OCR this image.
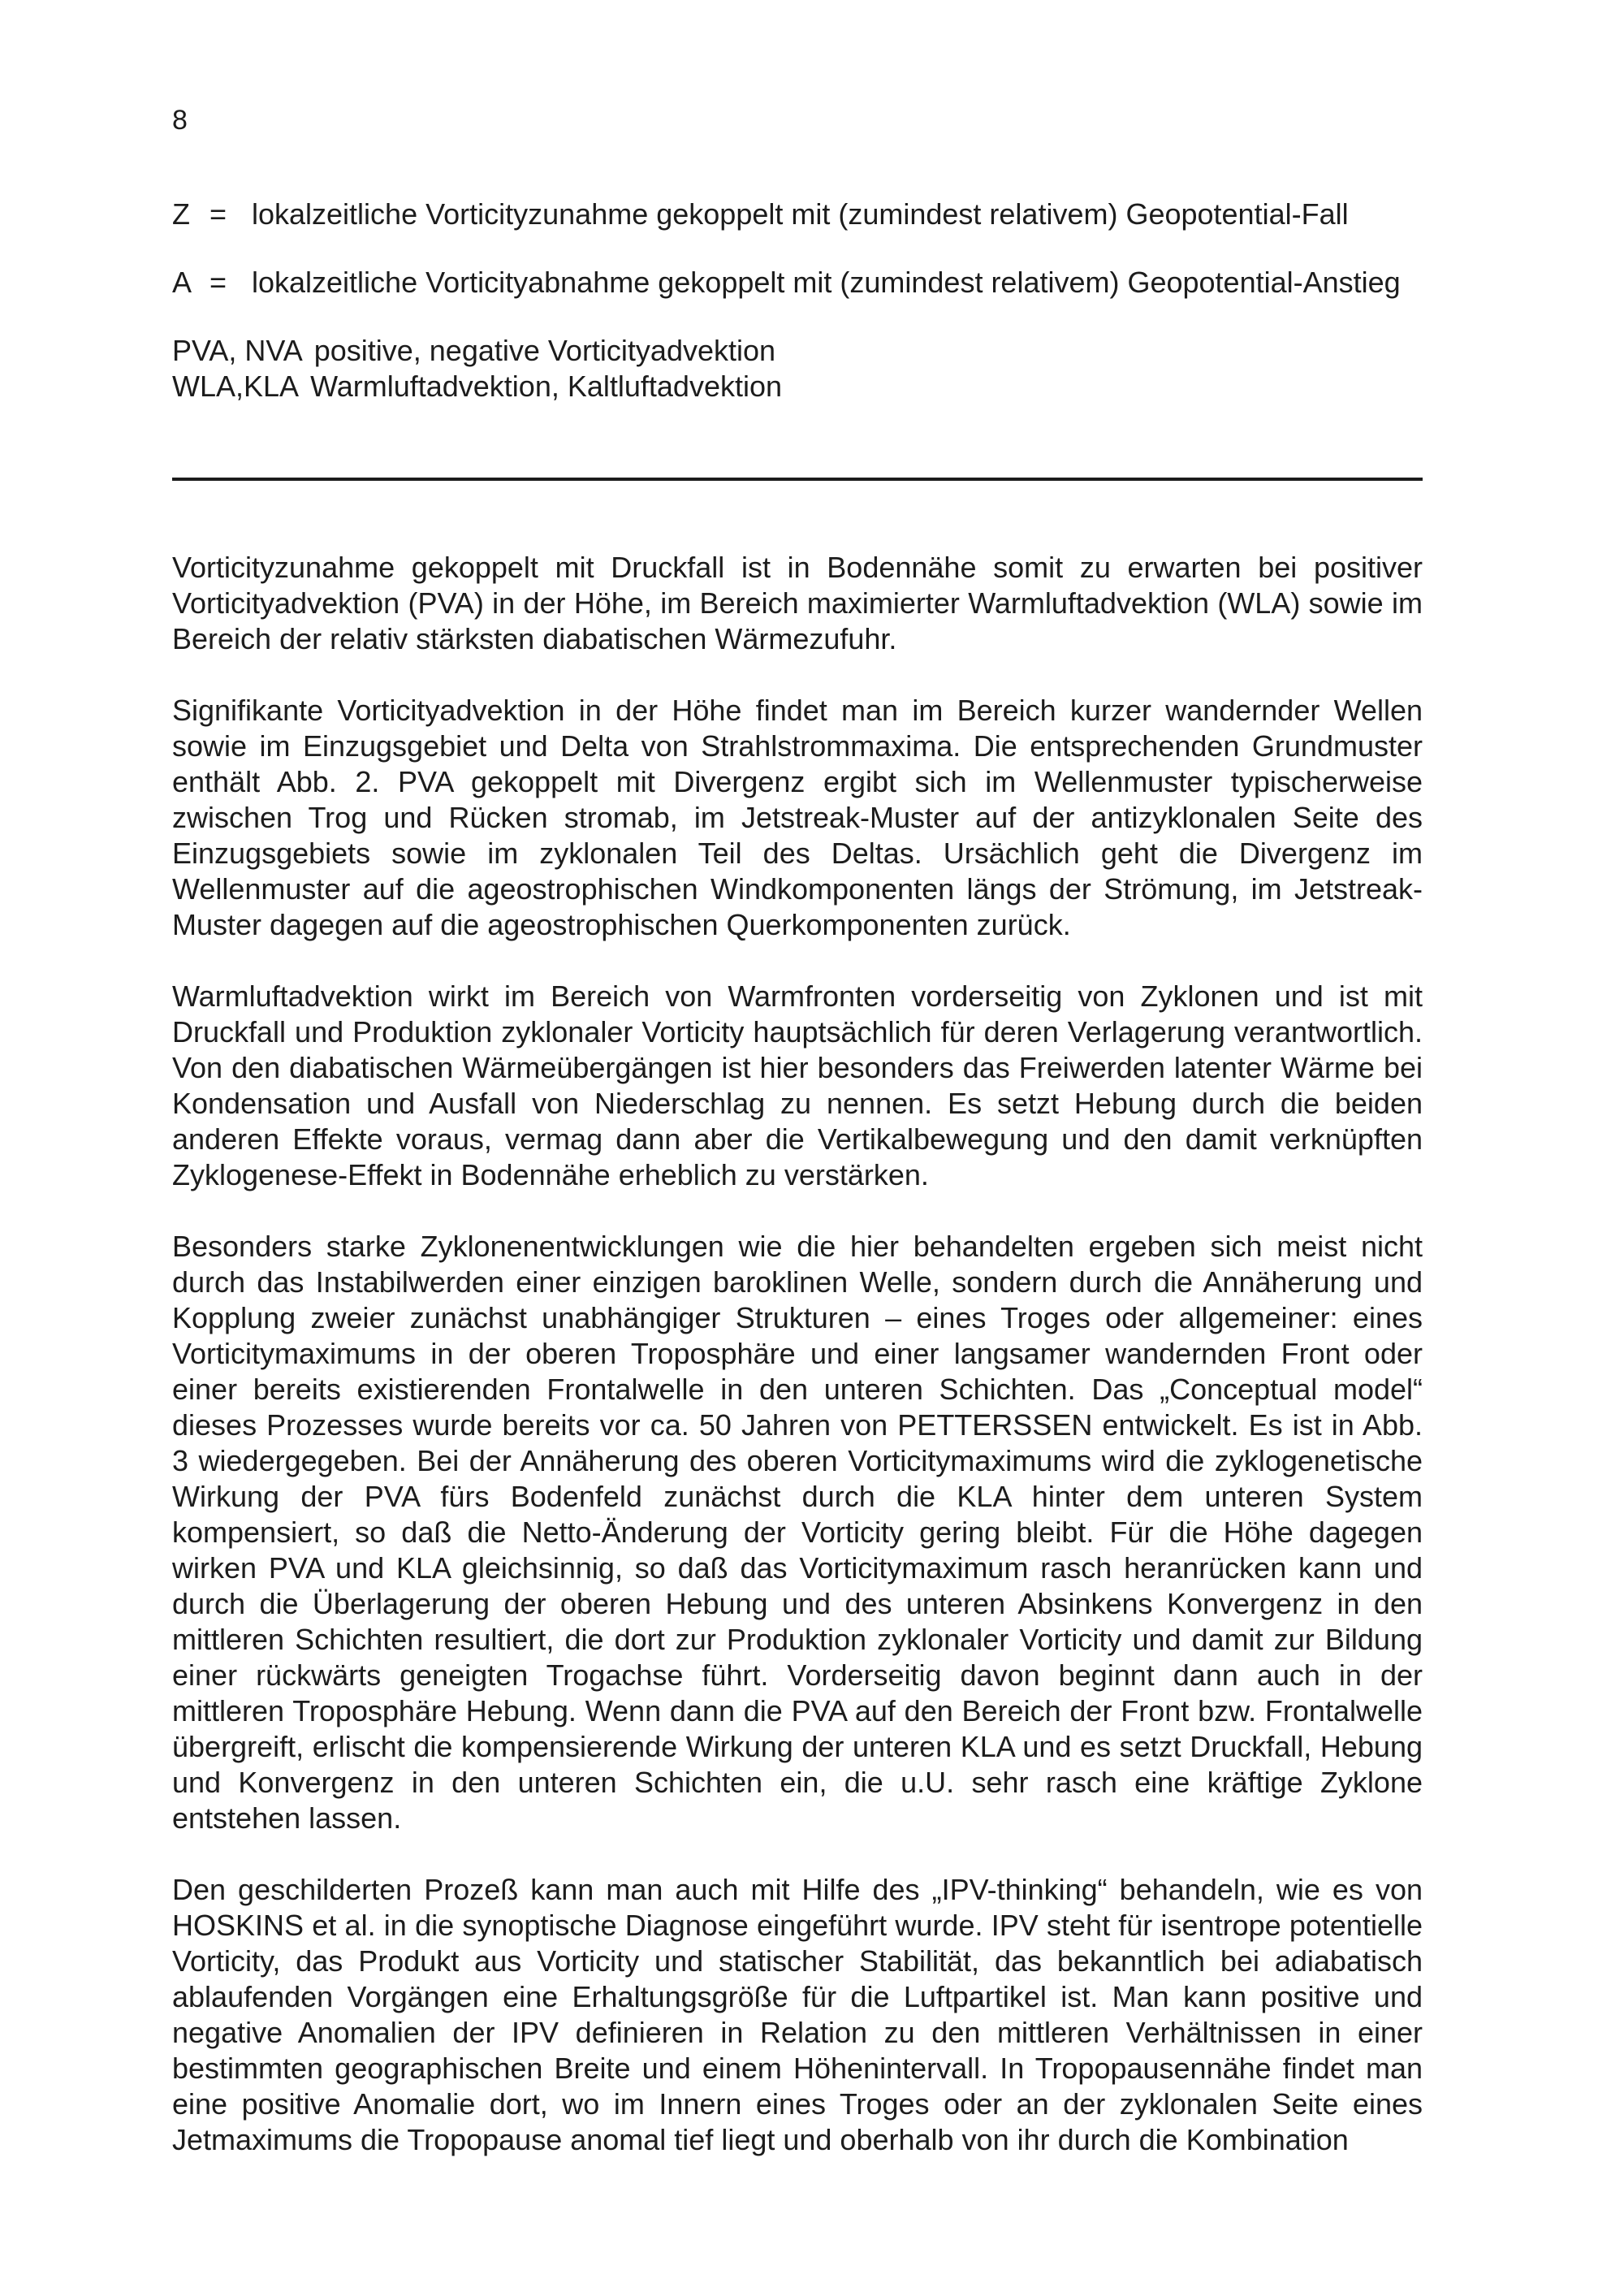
8
Z = lokalzeitliche Vorticityzunahme gekoppelt mit (zumindest relativem) Geopotential-Fall
A = lokalzeitliche Vorticityabnahme gekoppelt mit (zumindest relativem) Geopotential-Anstieg
PVA, NVA positive, negative Vorticityadvektion
WLA,KLA Warmluftadvektion, Kaltluftadvektion

Vorticityzunahme gekoppelt mit Druckfall ist in Bodennähe somit zu erwarten bei positiver Vorticityadvektion (PVA) in der Höhe, im Bereich maximierter Warmluftadvektion (WLA) sowie im Bereich der relativ stärksten diabatischen Wärmezufuhr.

Signifikante Vorticityadvektion in der Höhe findet man im Bereich kurzer wandernder Wellen sowie im Einzugsgebiet und Delta von Strahlstrommaxima. Die entsprechenden Grundmuster enthält Abb. 2. PVA gekoppelt mit Divergenz ergibt sich im Wellenmuster typischerweise zwischen Trog und Rücken stromab, im Jetstreak-Muster auf der antizyklonalen Seite des Einzugsgebiets sowie im zyklonalen Teil des Deltas. Ursächlich geht die Divergenz im Wellenmuster auf die ageostrophischen Windkomponenten längs der Strömung, im Jetstreak-Muster dagegen auf die ageostrophischen Querkomponenten zurück.

Warmluftadvektion wirkt im Bereich von Warmfronten vorderseitig von Zyklonen und ist mit Druckfall und Produktion zyklonaler Vorticity hauptsächlich für deren Verlagerung verantwortlich. Von den diabatischen Wärmeübergängen ist hier besonders das Freiwerden latenter Wärme bei Kondensation und Ausfall von Niederschlag zu nennen. Es setzt Hebung durch die beiden anderen Effekte voraus, vermag dann aber die Vertikalbewegung und den damit verknüpften Zyklogenese-Effekt in Bodennähe erheblich zu verstärken.

Besonders starke Zyklonenentwicklungen wie die hier behandelten ergeben sich meist nicht durch das Instabilwerden einer einzigen baroklinen Welle, sondern durch die Annäherung und Kopplung zweier zunächst unabhängiger Strukturen – eines Troges oder allgemeiner: eines Vorticitymaximums in der oberen Troposphäre und einer langsamer wandernden Front oder einer bereits existierenden Frontalwelle in den unteren Schichten. Das „Conceptual model“ dieses Prozesses wurde bereits vor ca. 50 Jahren von PETTERSSEN entwickelt. Es ist in Abb. 3 wiedergegeben. Bei der Annäherung des oberen Vorticitymaximums wird die zyklogenetische Wirkung der PVA fürs Bodenfeld zunächst durch die KLA hinter dem unteren System kompensiert, so daß die Netto-Änderung der Vorticity gering bleibt. Für die Höhe dagegen wirken PVA und KLA gleichsinnig, so daß das Vorticitymaximum rasch heranrücken kann und durch die Überlagerung der oberen Hebung und des unteren Absinkens Konvergenz in den mittleren Schichten resultiert, die dort zur Produktion zyklonaler Vorticity und damit zur Bildung einer rückwärts geneigten Trogachse führt. Vorderseitig davon beginnt dann auch in der mittleren Troposphäre Hebung. Wenn dann die PVA auf den Bereich der Front bzw. Frontalwelle übergreift, erlischt die kompensierende Wirkung der unteren KLA und es setzt Druckfall, Hebung und Konvergenz in den unteren Schichten ein, die u.U. sehr rasch eine kräftige Zyklone entstehen lassen.

Den geschilderten Prozeß kann man auch mit Hilfe des „IPV-thinking“ behandeln, wie es von HOSKINS et al. in die synoptische Diagnose eingeführt wurde. IPV steht für isentrope potentielle Vorticity, das Produkt aus Vorticity und statischer Stabilität, das bekanntlich bei adiabatisch ablaufenden Vorgängen eine Erhaltungsgröße für die Luftpartikel ist. Man kann positive und negative Anomalien der IPV definieren in Relation zu den mittleren Verhältnissen in einer bestimmten geographischen Breite und einem Höhenintervall. In Tropopausennähe findet man eine positive Anomalie dort, wo im Innern eines Troges oder an der zyklonalen Seite eines Jetmaximums die Tropopause anomal tief liegt und oberhalb von ihr durch die Kombination
